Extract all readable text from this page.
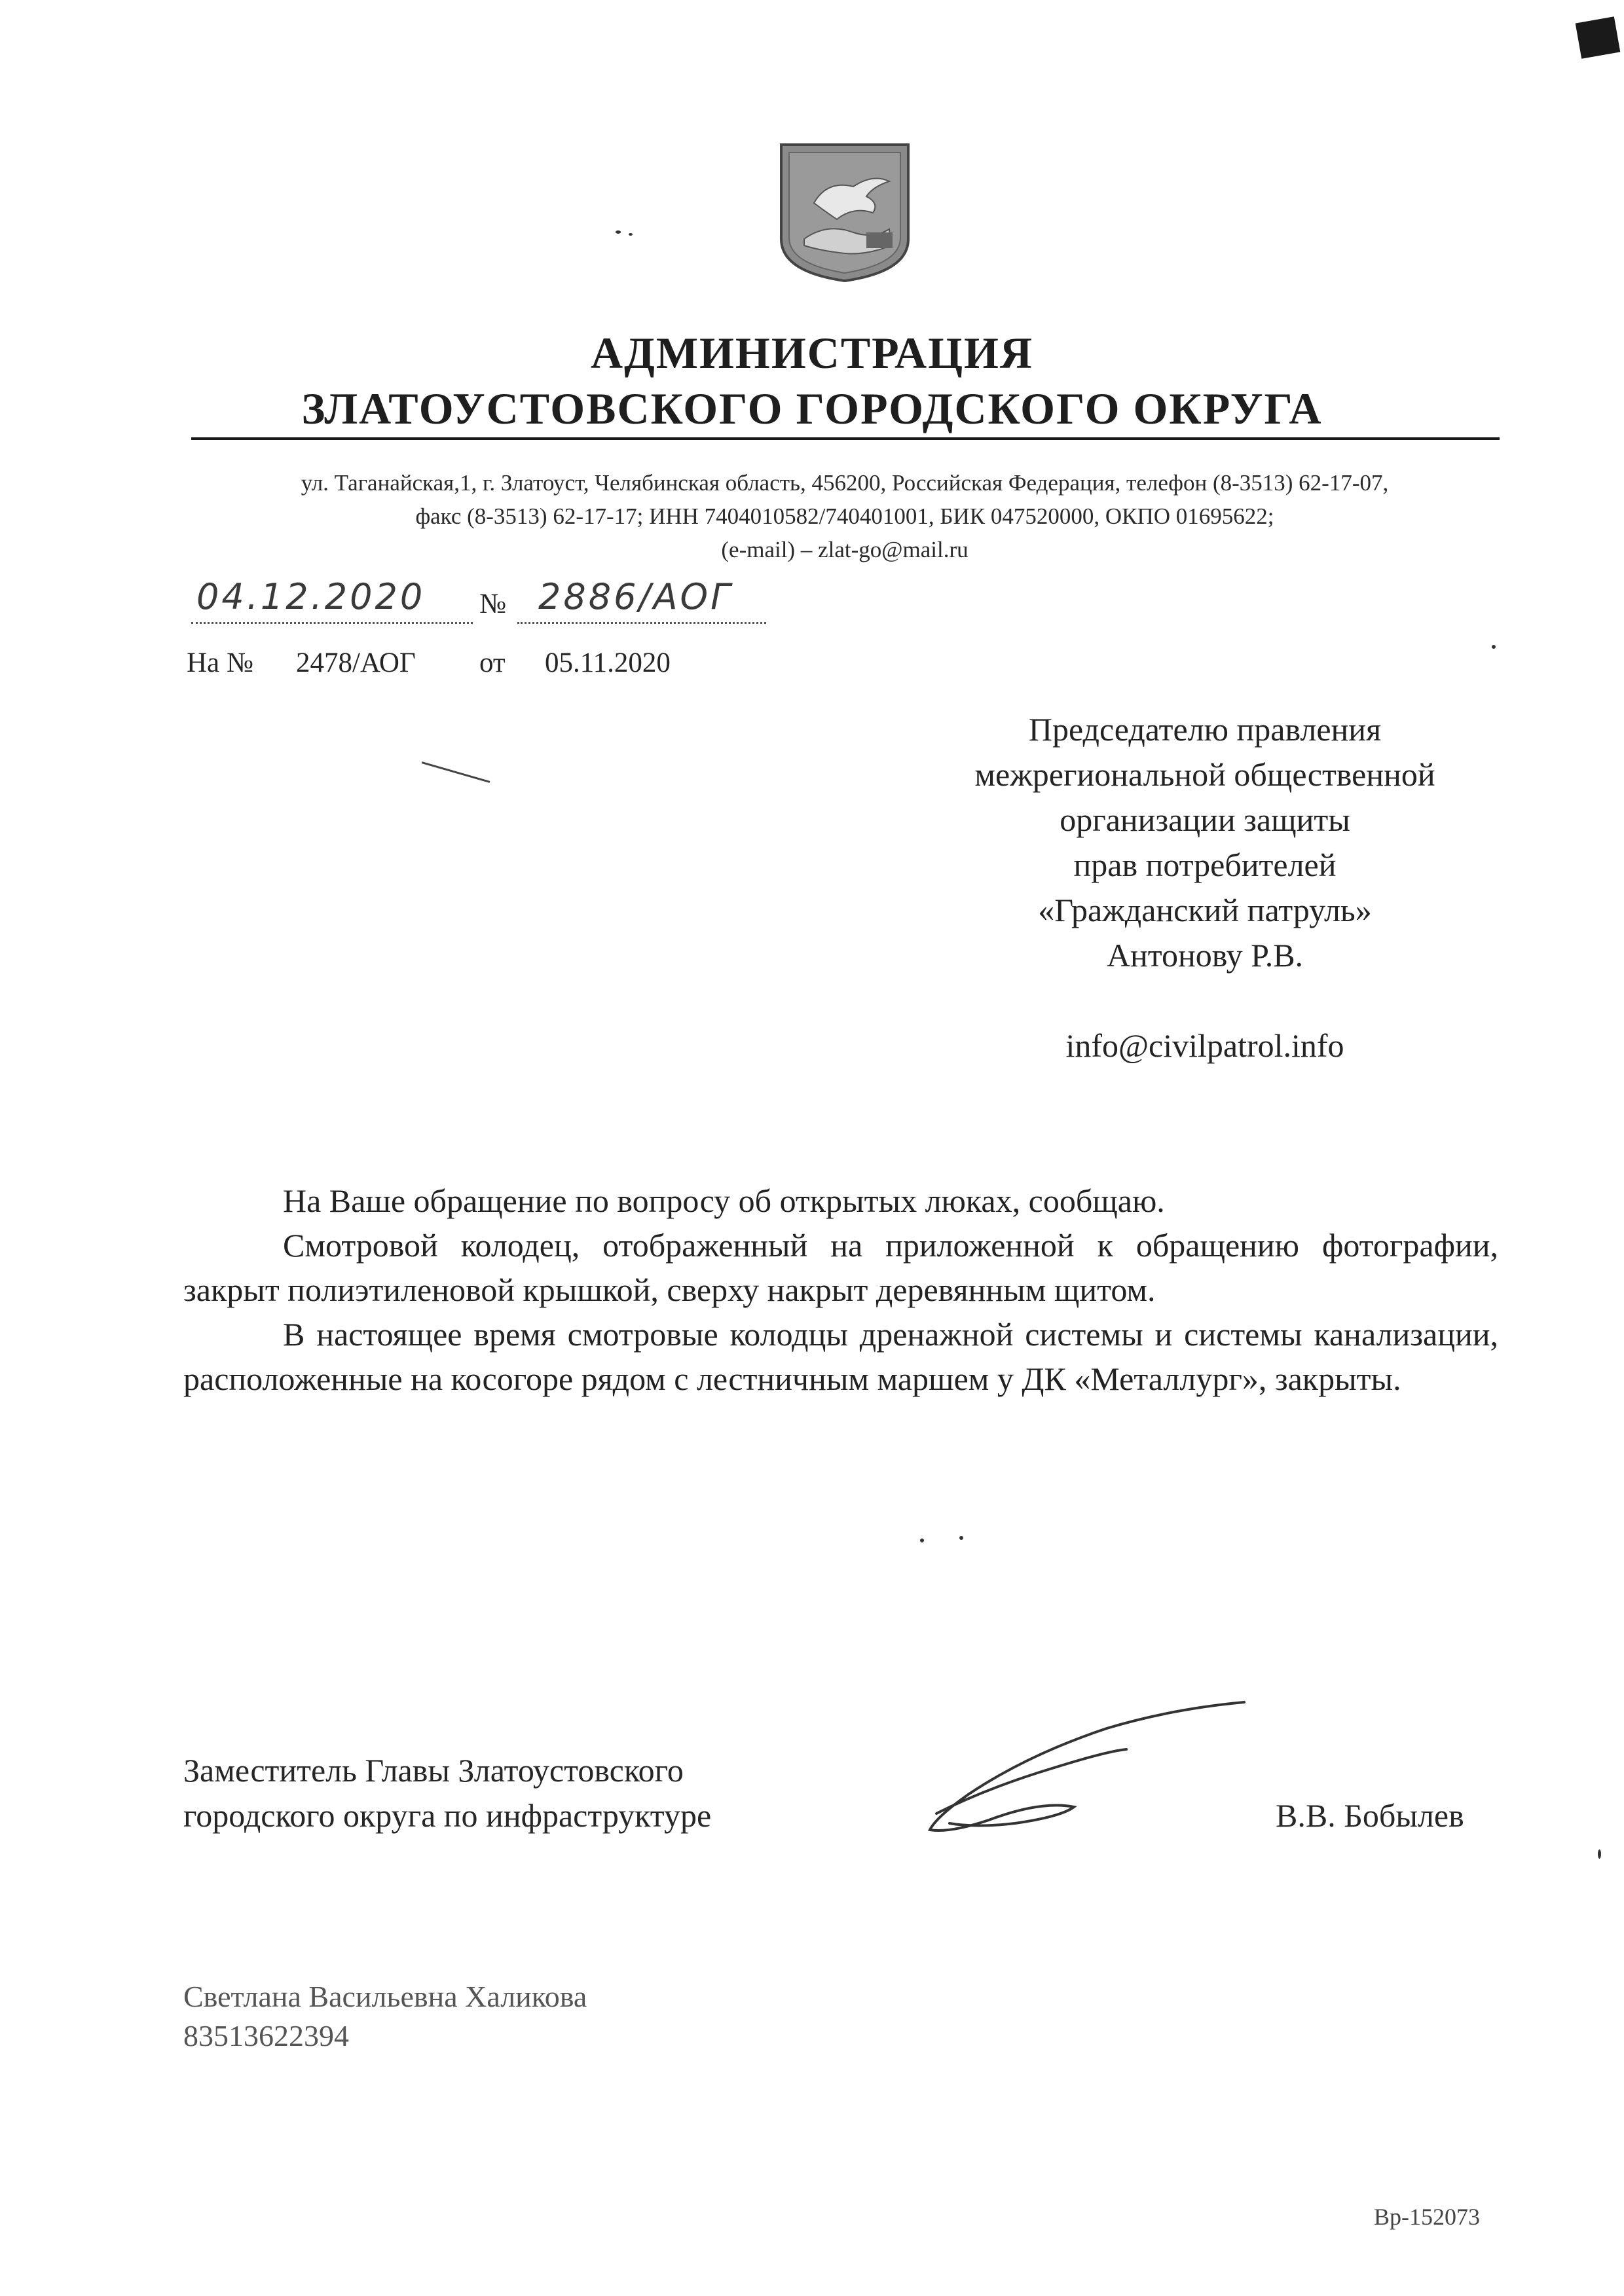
АДМИНИСТРАЦИЯ
ЗЛАТОУСТОВСКОГО ГОРОДСКОГО ОКРУГА
ул. Таганайская,1, г. Златоуст, Челябинская область, 456200, Российская Федерация, телефон (8-3513) 62-17-07,
факс (8-3513) 62-17-17; ИНН 7404010582/740401001, БИК 047520000, ОКПО 01695622;
(e-mail) – zlat-go@mail.ru
04.12.2020 № 2886/АОГ
На № 2478/АОГ от 05.11.2020
Председателю правления
межрегиональной общественной
организации защиты
прав потребителей
«Гражданский патруль»
Антонову Р.В.
info@civilpatrol.info

На Ваше обращение по вопросу об открытых люках, сообщаю.

Смотровой колодец, отображенный на приложенной к обращению фотографии, закрыт полиэтиленовой крышкой, сверху накрыт деревянным щитом.

В настоящее время смотровые колодцы дренажной системы и системы канализации, расположенные на косогоре рядом с лестничным маршем у ДК «Металлург», закрыты.

Заместитель Главы Златоустовского
городского округа по инфраструктуре	В.В. Бобылев
Светлана Васильевна Халикова
83513622394
Вр-152073
